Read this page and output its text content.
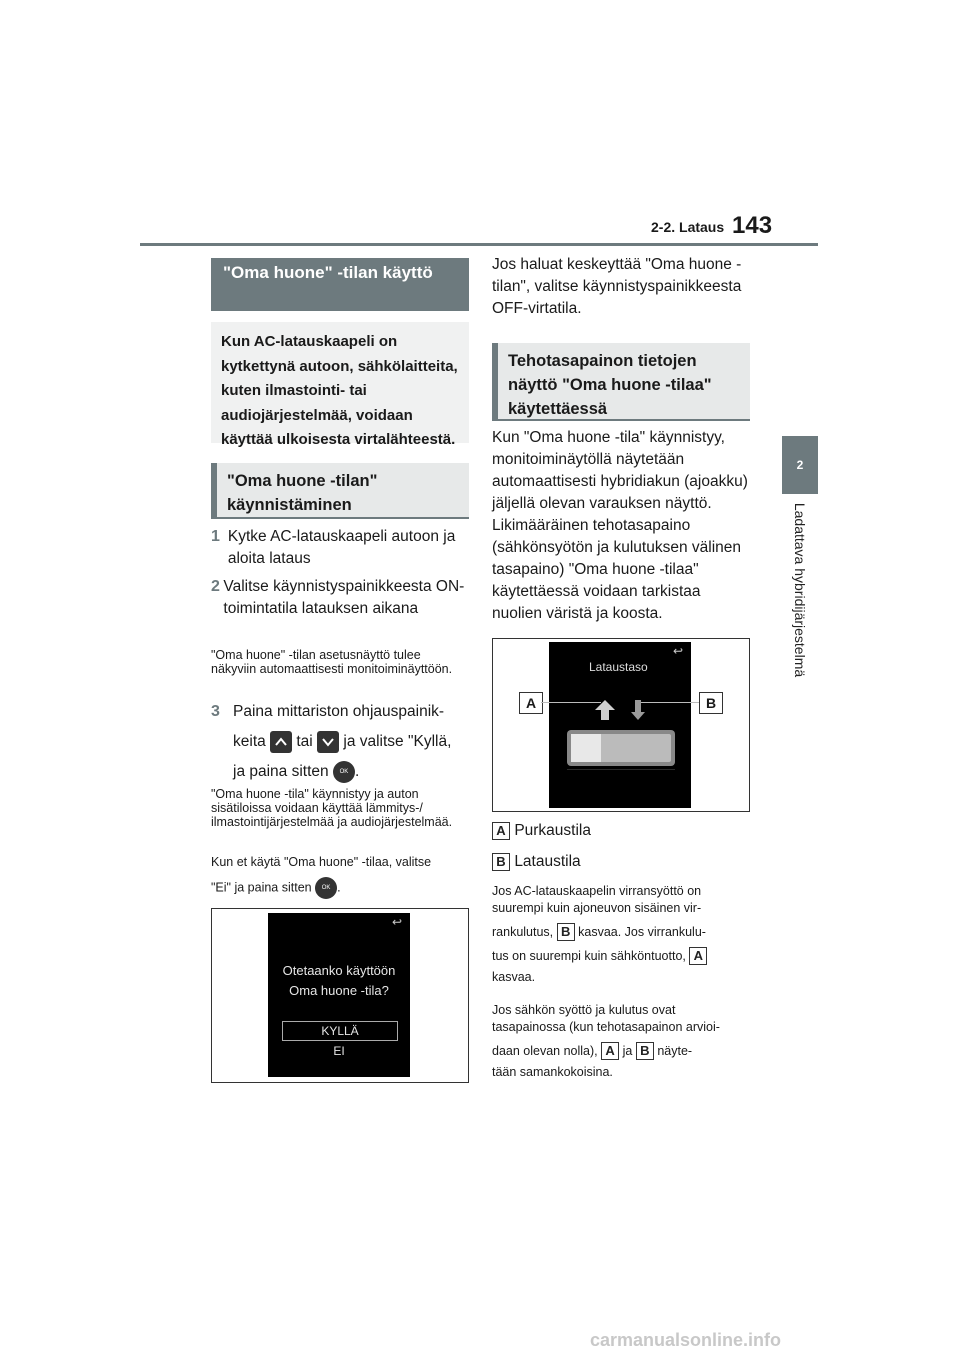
2-2. Lataus 143
2
Ladattava hybridijärjestelmä
"Oma huone" -tilan käyttö
Kun AC-latauskaapeli on kytkettynä autoon, sähkölaitteita, kuten ilmastointi- tai audiojärjestelmää, voidaan käyttää ulkoisesta virtalähteestä.
"Oma huone -tilan" käynnistäminen
1 Kytke AC-latauskaapeli autoon ja aloita lataus
2 Valitse käynnistyspainikkeesta ON-toimintatila latauksen aikana
"Oma huone" -tilan asetusnäyttö tulee näkyviin automaattisesti monitoiminäyttöön.
3 Paina mittariston ohjauspainik-
keita tai ja valitse "Kyllä,
ja paina sitten OK .
"Oma huone -tila" käynnistyy ja auton sisätiloissa voidaan käyttää lämmitys-/ ilmastointijärjestelmää ja audiojärjestelmää.
Kun et käytä "Oma huone" -tilaa, valitse
"Ei" ja paina sitten OK .
↩
Otetaanko käyttöön
Oma huone -tila?
KYLLÄ
EI
Jos haluat keskeyttää "Oma huone -tilan", valitse käynnistyspainikkeesta OFF-virtatila.
Tehotasapainon tietojen näyttö "Oma huone -tilaa" käytettäessä
Kun "Oma huone -tila" käynnistyy, monitoiminäytöllä näytetään automaattisesti hybridiakun (ajoakku) jäljellä olevan varauksen näyttö. Likimääräinen tehotasapaino (sähkönsyötön ja kulutuksen välinen tasapaino) "Oma huone -tilaa" käytettäessä voidaan tarkistaa nuolien väristä ja koosta.
↩
Lataustaso
A	B
A Purkaustila
B Lataustila
Jos AC-latauskaapelin virransyöttö on suurempi kuin ajoneuvon sisäinen vir-
rankulutus, B kasvaa. Jos virrankulu-
tus on suurempi kuin sähköntuotto, A
kasvaa.
Jos sähkön syöttö ja kulutus ovat tasapainossa (kun tehotasapainon arvioi-
daan olevan nolla), A ja B näyte-
tään samankokoisina.
carmanualsonline.info
